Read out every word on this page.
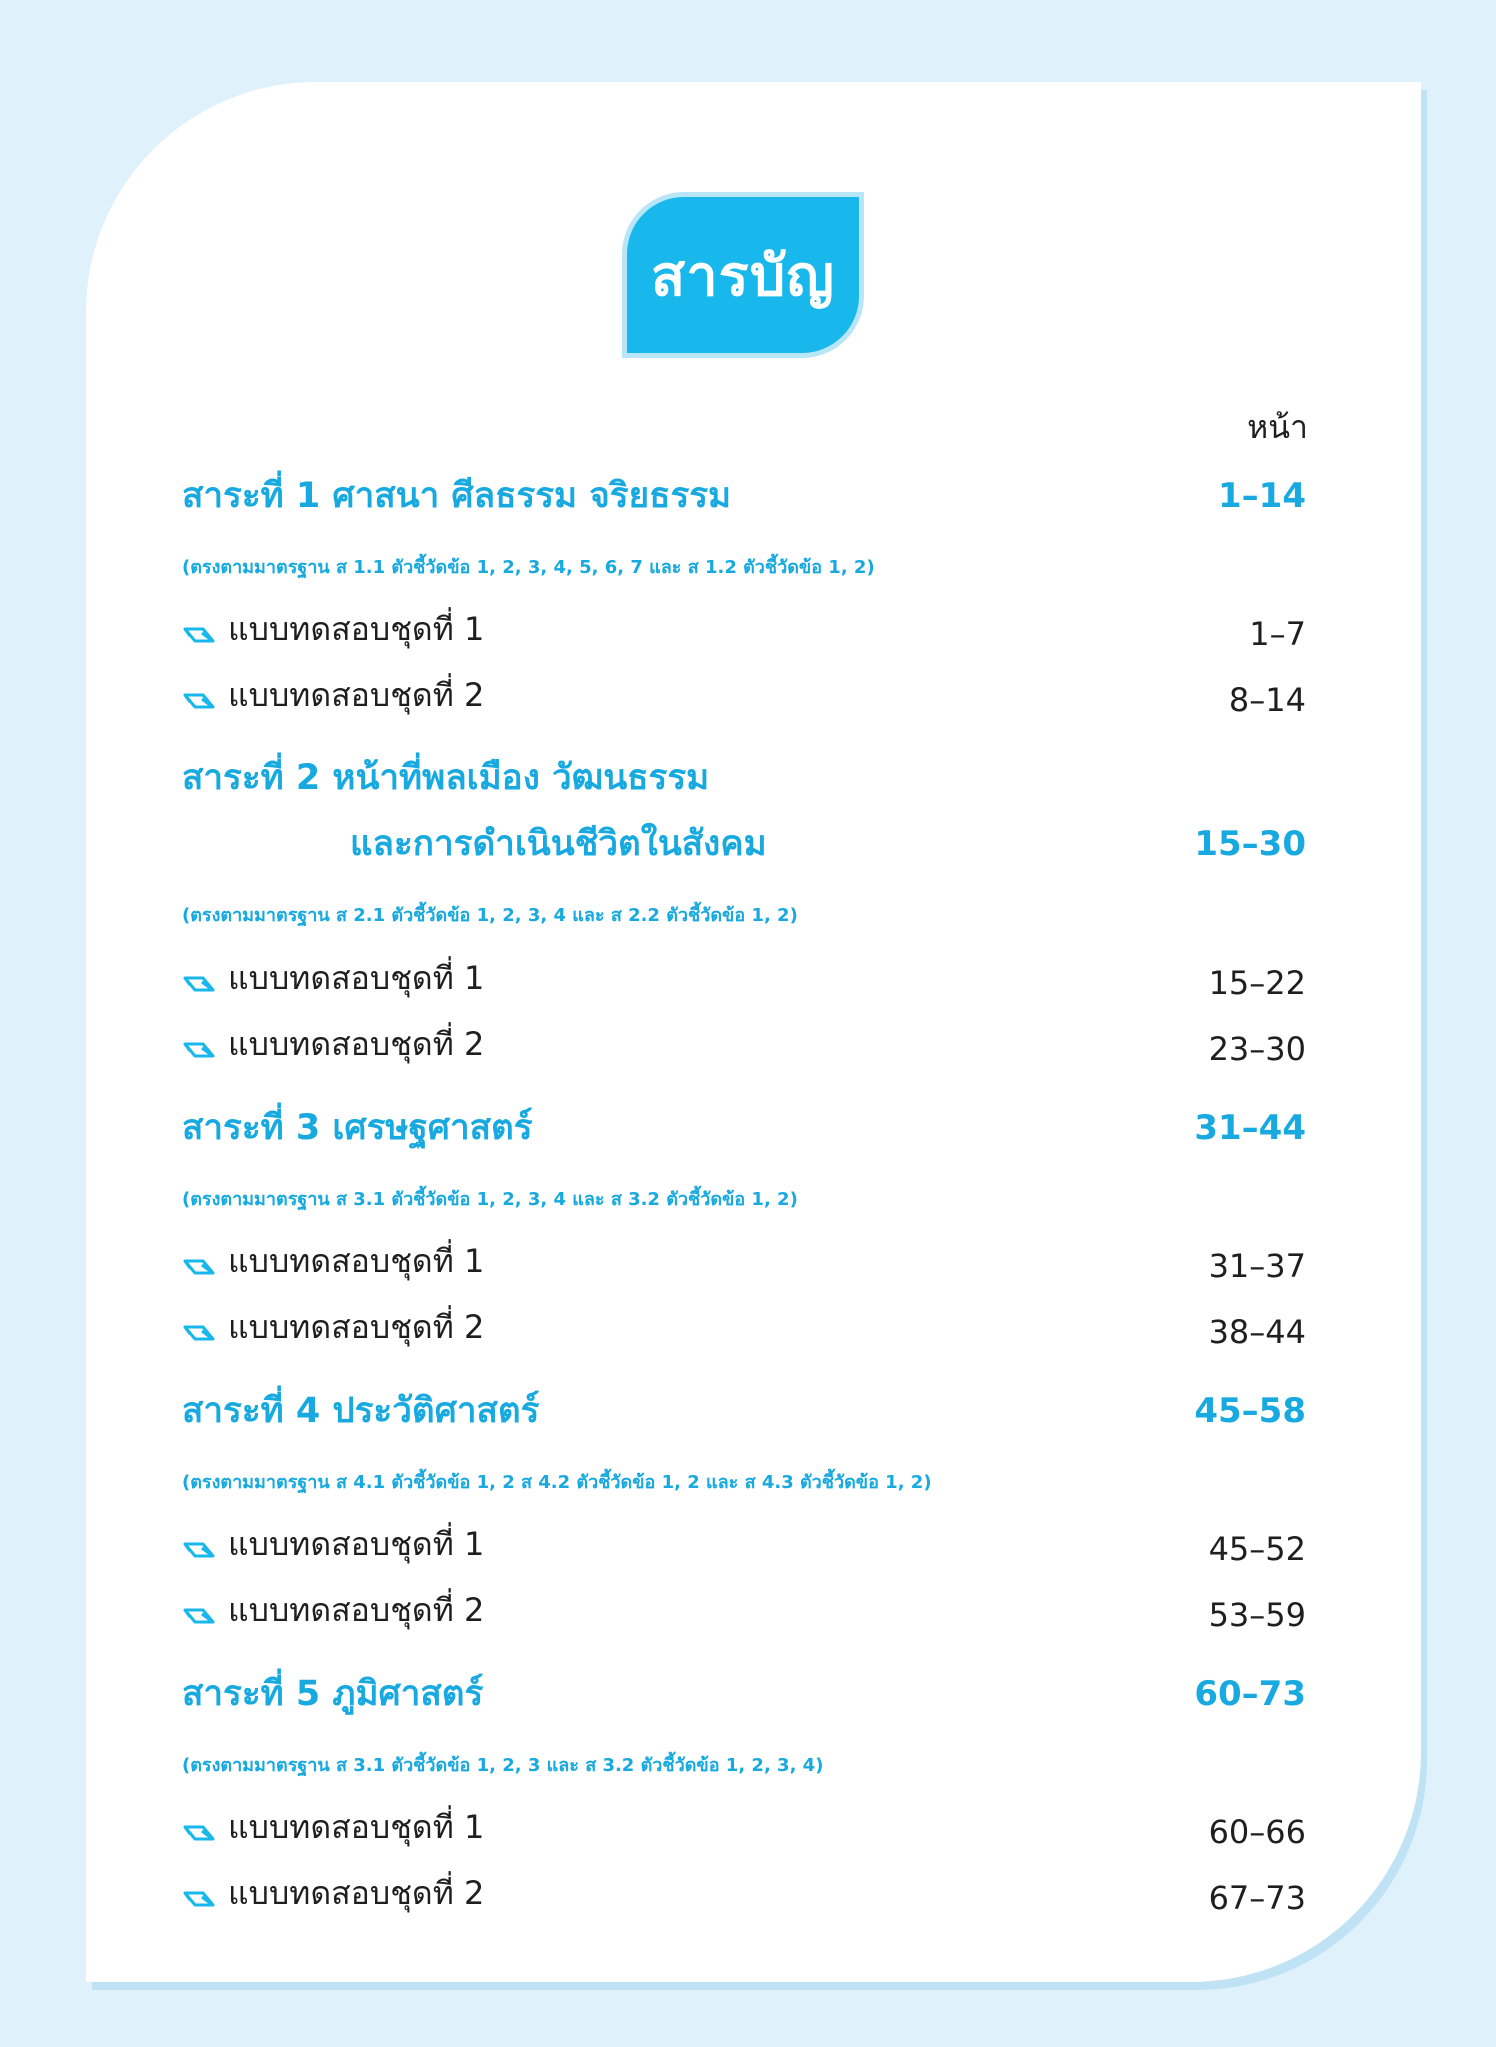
สารบัญ
หน้า
สาระที่ 1 ศาสนา ศีลธรรม จริยธรรม	1–14
(ตรงตามมาตรฐาน ส 1.1 ตัวชี้วัดข้อ 1, 2, 3, 4, 5, 6, 7 และ ส 1.2 ตัวชี้วัดข้อ 1, 2)
แบบทดสอบชุดที่ 1	1–7
แบบทดสอบชุดที่ 2	8–14
สาระที่ 2 หน้าที่พลเมือง วัฒนธรรม
และการดำเนินชีวิตในสังคม	15–30
(ตรงตามมาตรฐาน ส 2.1 ตัวชี้วัดข้อ 1, 2, 3, 4 และ ส 2.2 ตัวชี้วัดข้อ 1, 2)
แบบทดสอบชุดที่ 1	15–22
แบบทดสอบชุดที่ 2	23–30
สาระที่ 3 เศรษฐศาสตร์	31–44
(ตรงตามมาตรฐาน ส 3.1 ตัวชี้วัดข้อ 1, 2, 3, 4 และ ส 3.2 ตัวชี้วัดข้อ 1, 2)
แบบทดสอบชุดที่ 1	31–37
แบบทดสอบชุดที่ 2	38–44
สาระที่ 4 ประวัติศาสตร์	45–58
(ตรงตามมาตรฐาน ส 4.1 ตัวชี้วัดข้อ 1, 2 ส 4.2 ตัวชี้วัดข้อ 1, 2 และ ส 4.3 ตัวชี้วัดข้อ 1, 2)
แบบทดสอบชุดที่ 1	45–52
แบบทดสอบชุดที่ 2	53–59
สาระที่ 5 ภูมิศาสตร์	60–73
(ตรงตามมาตรฐาน ส 3.1 ตัวชี้วัดข้อ 1, 2, 3 และ ส 3.2 ตัวชี้วัดข้อ 1, 2, 3, 4)
แบบทดสอบชุดที่ 1	60–66
แบบทดสอบชุดที่ 2	67–73
